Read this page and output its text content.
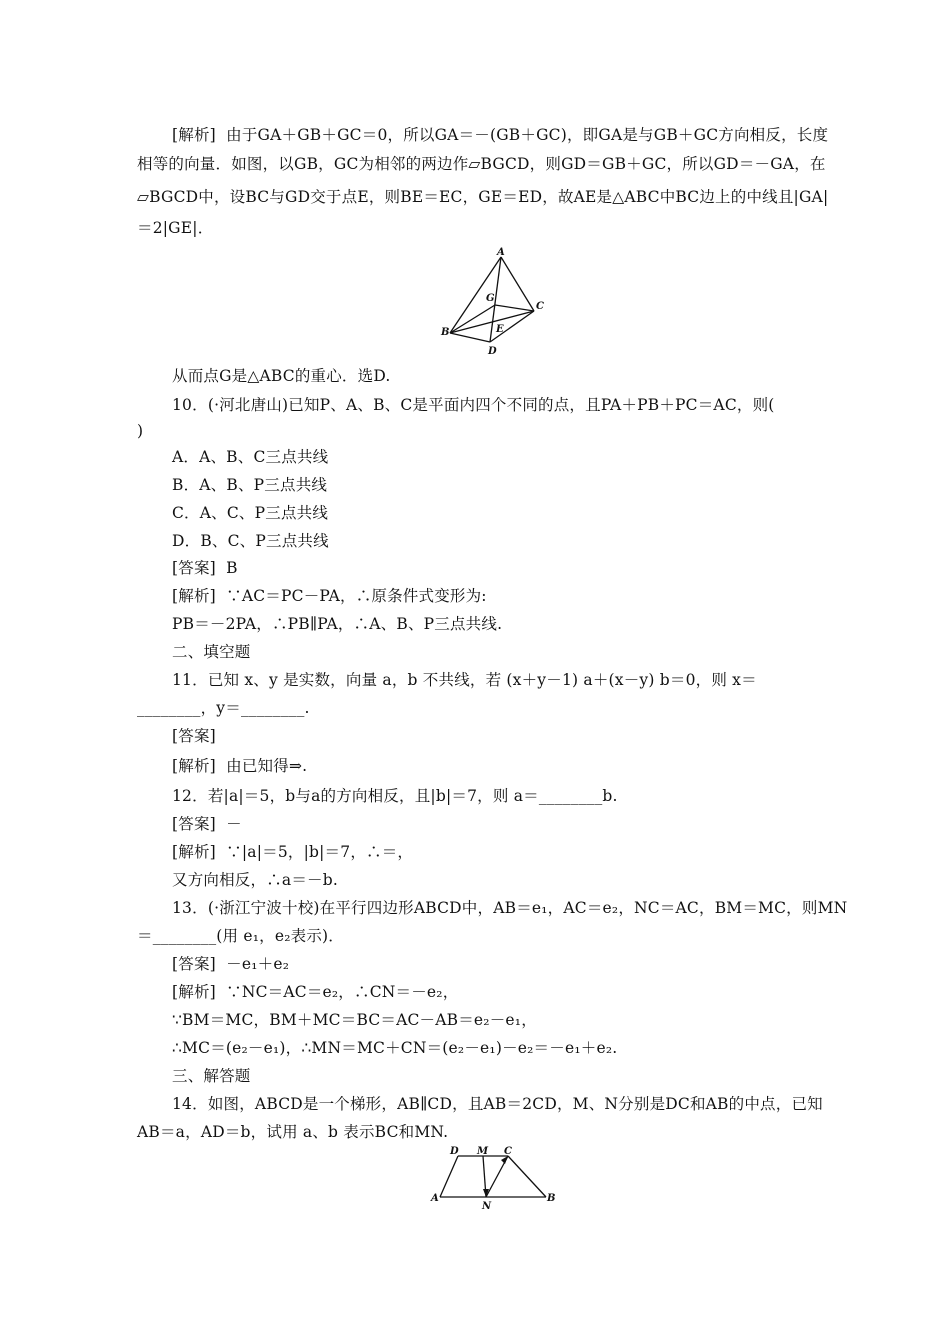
[解析]  由于GA＋GB＋GC＝0，所以GA＝－(GB＋GC)，即GA是与GB＋GC方向相反，长度
相等的向量．如图，以GB，GC为相邻的两边作▱BGCD，则GD＝GB＋GC，所以GD＝－GA，在
▱BGCD中，设BC与GD交于点E，则BE＝EC，GE＝ED，故AE是△ABC中BC边上的中线且|GA|
＝2|GE|．
A
G
C
B	E
D
从而点G是△ABC的重心．选D.
10．(·河北唐山)已知P、A、B、C是平面内四个不同的点，且PA＋PB＋PC＝AC，则(
)
A．A、B、C三点共线
B．A、B、P三点共线
C．A、C、P三点共线
D．B、C、P三点共线
[答案]  B
[解析]  ∵AC＝PC－PA，∴原条件式变形为:
PB＝－2PA，∴PB∥PA，∴A、B、P三点共线.
二、填空题
11．已知 x、y 是实数，向量 a，b 不共线，若 (x＋y－1) a＋(x－y) b＝0，则 x＝
________，y＝________.
[答案]
[解析]  由已知得⇒.
12．若|a|＝5，b与a的方向相反，且|b|＝7，则 a＝________b.
[答案]  －
[解析]  ∵|a|＝5，|b|＝7，∴＝，
又方向相反，∴a＝－b.
13．(·浙江宁波十校)在平行四边形ABCD中，AB＝e₁，AC＝e₂，NC＝AC，BM＝MC，则MN
＝________(用 e₁，e₂表示)．
[答案]  －e₁＋e₂
[解析]  ∵NC＝AC＝e₂，∴CN＝－e₂，
∵BM＝MC，BM＋MC＝BC＝AC－AB＝e₂－e₁，
∴MC＝(e₂－e₁)，∴MN＝MC＋CN＝(e₂－e₁)－e₂＝－e₁＋e₂.
三、解答题
14．如图，ABCD是一个梯形，AB∥CD，且AB＝2CD，M、N分别是DC和AB的中点，已知
AB＝a，AD＝b，试用 a、b 表示BC和MN.
D M C
A
N
B
